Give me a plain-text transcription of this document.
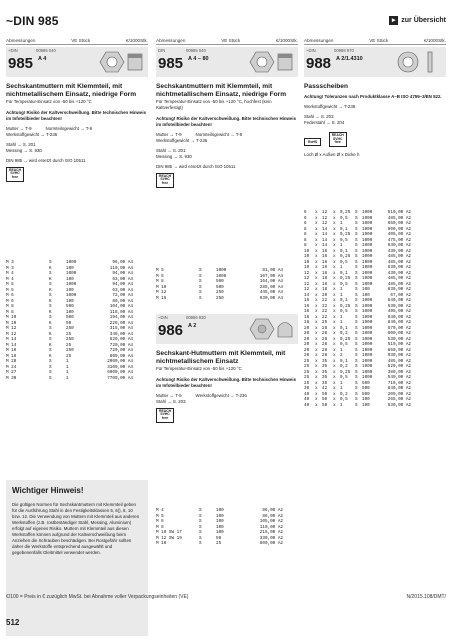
~DIN 985	▸ zur Übersicht
Abmessungen	VE Stück	€/1000Stk.
~DIN	00985 040
985 A 4
Sechskantmuttern mit Klemmteil, mit nichtmetallischem Einsatz, niedrige Form
Für Temperatur-Einsatz von -50 bis +120 °C
Achtung! Risiko der Kaltverschweißung. Bitte technischen Hinweis im Infoteilbieder beachten!
Mutter → T-9	Normteilsgewicht → T-9
Werkstoffgewicht → T-236
Stahl → S. 201
Messing → S. 930
DIN 985 → wird ersetzt durch ISO 10511
REACH
SVHC
free
M 3	S	1000	96,00 A4
M 3	K	100	110,00 A4
M 4	S	1000	94,00 A4
M 4	K	100	63,00 A4
M 5	S	1000	94,00 A4
M 5	K	100	63,00 A4
M 6	S	1000	72,00 A4
M 6	K	100	80,00 A4
M 8	S	500	104,00 A4
M 8	K	100	118,00 A4
M 10	S	500	194,00 A4
M 10	K	50	229,00 A4
M 12	S	250	315,00 A4
M 12	K	25	340,00 A4
M 14	S	250	620,00 A4
M 14	K	25	720,00 A4
M 16	S	250	720,00 A4
M 16	K	25	800,00 A4
M 20	S	1	2000,00 A4
M 24	S	1	3100,00 A4
M 27	S	1	6000,00 A4
M 30	S	1	7700,00 A4
Wichtiger Hinweis!
Die gültigen Normen für Sechskantmuttern mit Klemmteil geben für die Ausführung Stahl in den Festigkeitsklassen 5, 6(), 8, 10 bzw. 12. Die Verwendung von Muttern mit Klemmteil aus anderen Werkstoffen (z.B. rostbeständiger Stahl, Messing, Aluminium) erfolgt auf eigenes Risiko. Muttern mit Klemmteil aus diesen Werkstoffen können aufgrund der Kaltverschweißung beim Anziehen die Schrauben beschädigen. Bei Rostgefahr sollten daher die Werkstoffe entsprechend ausgewählt und gegebenenfalls Gleitmittel verwendet werden.
Abmessungen	VE Stück	€/1000Stk.
DIN	00985 040
985 A 4 – 80
Sechskantmuttern mit Klemmteil, mit nichtmetallischem Einsatz, niedrige Form
Für Temperatur-Einsatz von -50 bis +120 °C, hochfest (kein Kaltverfestigt)
Achtung! Risiko der Kaltverschweißung. Bitte technischen Hinweis im Infoteilbieder beachten!
Mutter → T-9	Normteilsgewicht → T-9
Werkstoffgewicht → T-236
Stahl → S. 201
Messing → S. 930
DIN 985 → wird ersetzt durch ISO 10511
REACH
SVHC
free
M 5	S	1000	81,00 A4
M 6	S	1000	107,00 A4
M 8	S	500	164,00 A4
M 10	S	500	285,00 A4
M 12	S	250	445,00 A4
M 16	S	250	930,00 A4
~DIN	00986 930
986 A 2
Sechskant-Hutmuttern mit Klemmteil, mit nichtmetallischem Einsatz
Für Temperatur-Einsatz von -50 bis +120 °C
Achtung! Risiko der Kaltverschweißung. Bitte technischen Hinweis im Infoteilbieder beachten!
Mutter → T-9	Werkstoffgewicht → T-236
Stahl → S. 203
REACH
SVHC
free
M 4	S	100	86,00 A2
M 5	S	100	86,00 A2
M 6	S	100	105,00 A2
M 8	S	100	110,00 A2
M 10 SW 17	S	100	215,00 A2
M 12 SW 19	S	50	330,00 A2
M 16	S	25	800,00 A2
Abmessungen	VE Stück	€/1000Stk.
~DIN	00988 970
988 A 2/1.4310
Passscheiben
Achtung! Toleranzen nach Produktklasse A–B ISO 4759–3/EN 522.
Werkstoffgewicht → T-236
Stahl → S. 203
Federstahl → S. 204
RoHS
REACH
SVHC
free
Loch Ø x Außen Ø x Dicke h
6	x	12	x	0,25	S	1000	510,00 A2
6	x	12	x	0,5	S	1000	485,00 A2
6	x	12	x	1	S	1000	650,00 A2
8	x	14	x	0,1	S	1000	500,00 A2
8	x	14	x	0,25	S	1000	405,00 A2
8	x	14	x	0,5	S	1000	475,00 A2
8	x	14	x	1	S	1000	640,00 A2
10	x	16	x	0,1	S	1000	430,00 A2
10	x	16	x	0,25	S	1000	485,00 A2
10	x	16	x	0,5	S	1000	485,00 A2
10	x	16	x	1	S	1000	630,00 A2
12	x	18	x	0,1	S	1000	430,00 A2
12	x	18	x	0,25	S	1000	485,00 A2
12	x	18	x	0,5	S	1000	485,00 A2
12	x	18	x	1	S	100	630,00 A2
14	x	20	x	1	S	100	67,00 A2
16	x	22	x	0,1	S	1000	540,00 A2
16	x	22	x	0,25	S	1000	530,00 A2
16	x	22	x	0,5	S	1000	495,00 A2
16	x	22	x	1	S	1000	840,00 A2
18	x	25	x	1	S	1000	840,00 A2
20	x	28	x	0,1	S	1000	570,00 A2
20	x	28	x	0,2	S	1000	600,00 A2
20	x	28	x	0,25	S	1000	530,00 A2
20	x	28	x	0,5	S	1000	510,00 A2
20	x	28	x	1	S	1000	650,00 A2
20	x	28	x	2	S	1000	930,00 A2
25	x	35	x	0,1	S	1000	485,00 A2
25	x	35	x	0,2	S	1000	520,00 A2
25	x	35	x	0,25	S	1000	380,00 A2
25	x	35	x	0,5	S	1000	540,00 A2
25	x	35	x	1	S	500	710,00 A2
30	x	42	x	1	S	500	840,00 A2
40	x	50	x	0,2	S	500	209,00 A2
40	x	50	x	0,5	S	100	265,00 A2
40	x	50	x	1	S	100	530,00 A2
€/100 = Preis in € zuzüglich MwSt. bei Abnahme voller Verpackungseinheiten (VE)	N/2015.108/DMT/
512
